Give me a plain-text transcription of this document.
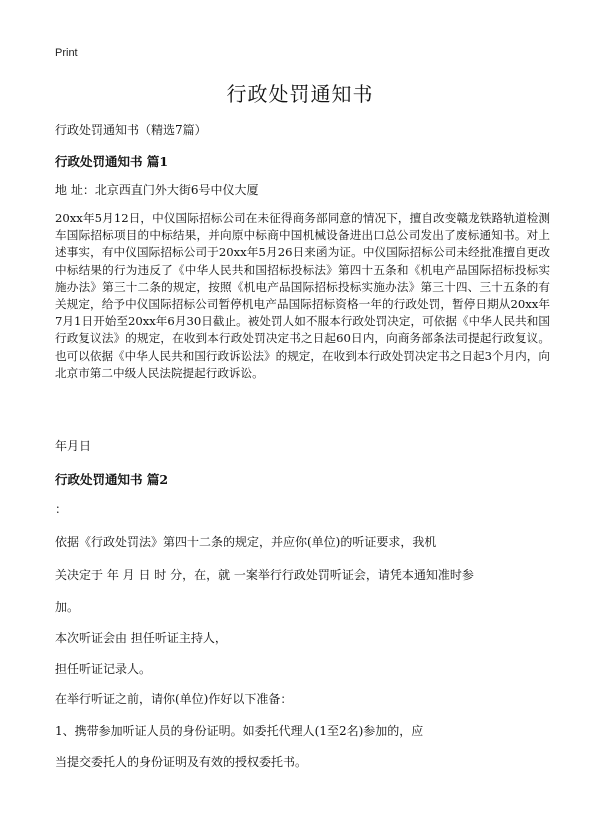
Print
行政处罚通知书

行政处罚通知书（精选7篇）

行政处罚通知书 篇1

地 址：北京西直门外大街6号中仪大厦

20xx年5月12日，中仪国际招标公司在未征得商务部同意的情况下，擅自改变赣龙铁路轨道检测车国际招标项目的中标结果，并向原中标商中国机械设备进出口总公司发出了废标通知书。对上述事实，有中仪国际招标公司于20xx年5月26日来函为证。中仪国际招标公司未经批准擅自更改中标结果的行为违反了《中华人民共和国招标投标法》第四十五条和《机电产品国际招标投标实施办法》第三十二条的规定，按照《机电产品国际招标投标实施办法》第三十四、三十五条的有关规定，给予中仪国际招标公司暂停机电产品国际招标资格一年的行政处罚，暂停日期从20xx年7月1日开始至20xx年6月30日截止。被处罚人如不服本行政处罚决定，可依据《中华人民共和国行政复议法》的规定，在收到本行政处罚决定书之日起60日内，向商务部条法司提起行政复议。也可以依据《中华人民共和国行政诉讼法》的规定，在收到本行政处罚决定书之日起3个月内，向北京市第二中级人民法院提起行政诉讼。

年月日

行政处罚通知书 篇2

：

依据《行政处罚法》第四十二条的规定，并应你(单位)的听证要求，我机

关决定于 年 月 日 时 分，在，就 一案举行行政处罚听证会，请凭本通知准时参

加。

本次听证会由 担任听证主持人，

担任听证记录人。

在举行听证之前，请你(单位)作好以下准备：

1、携带参加听证人员的身份证明。如委托代理人(1至2名)参加的，应

当提交委托人的身份证明及有效的授权委托书。
